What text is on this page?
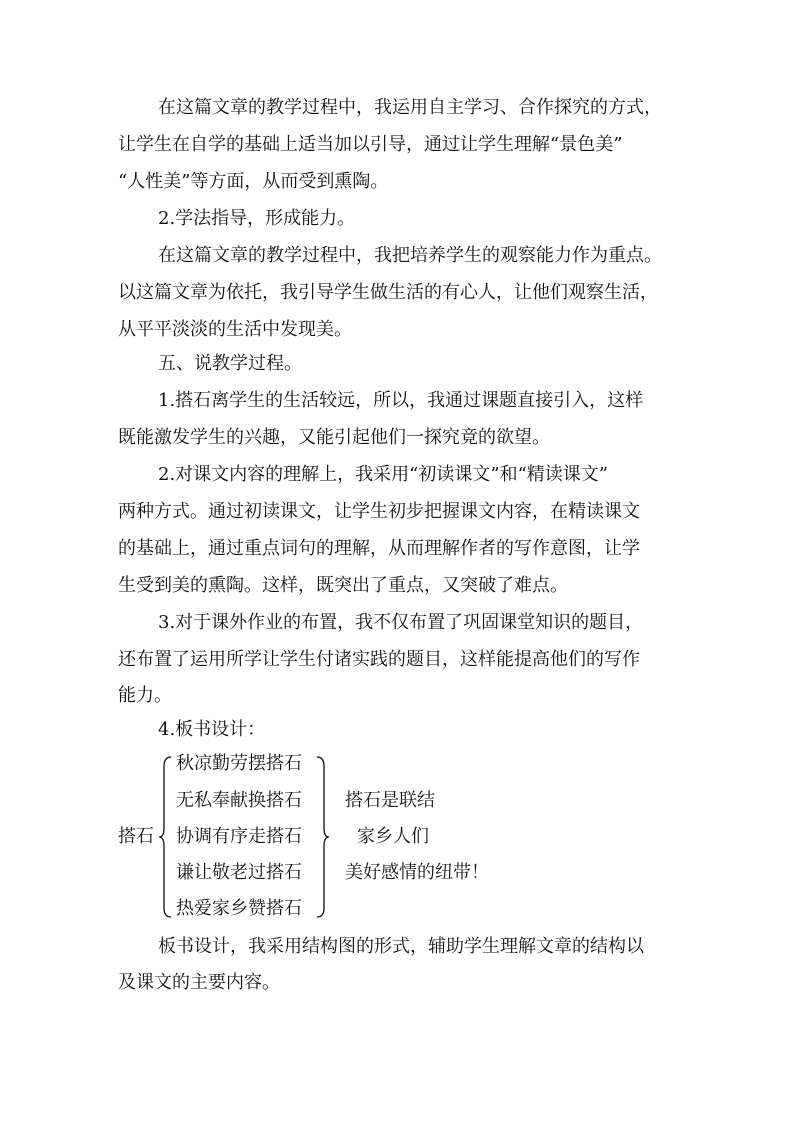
在这篇文章的教学过程中，我运用自主学习、合作探究的方式，
让学生在自学的基础上适当加以引导，通过让学生理解“景色美”
“人性美”等方面，从而受到熏陶。
2.学法指导，形成能力。
在这篇文章的教学过程中，我把培养学生的观察能力作为重点。
以这篇文章为依托，我引导学生做生活的有心人，让他们观察生活，
从平平淡淡的生活中发现美。
五、说教学过程。
1.搭石离学生的生活较远，所以，我通过课题直接引入，这样
既能激发学生的兴趣，又能引起他们一探究竟的欲望。
2.对课文内容的理解上，我采用“初读课文”和“精读课文”
两种方式。通过初读课文，让学生初步把握课文内容，在精读课文
的基础上，通过重点词句的理解，从而理解作者的写作意图，让学
生受到美的熏陶。这样，既突出了重点，又突破了难点。
3.对于课外作业的布置，我不仅布置了巩固课堂知识的题目，
还布置了运用所学让学生付诸实践的题目，这样能提高他们的写作
能力。
4.板书设计：
搭石
秋凉勤劳摆搭石
无私奉献换搭石
协调有序走搭石
谦让敬老过搭石
热爱家乡赞搭石
搭石是联结
家乡人们
美好感情的纽带！
板书设计，我采用结构图的形式，辅助学生理解文章的结构以
及课文的主要内容。
